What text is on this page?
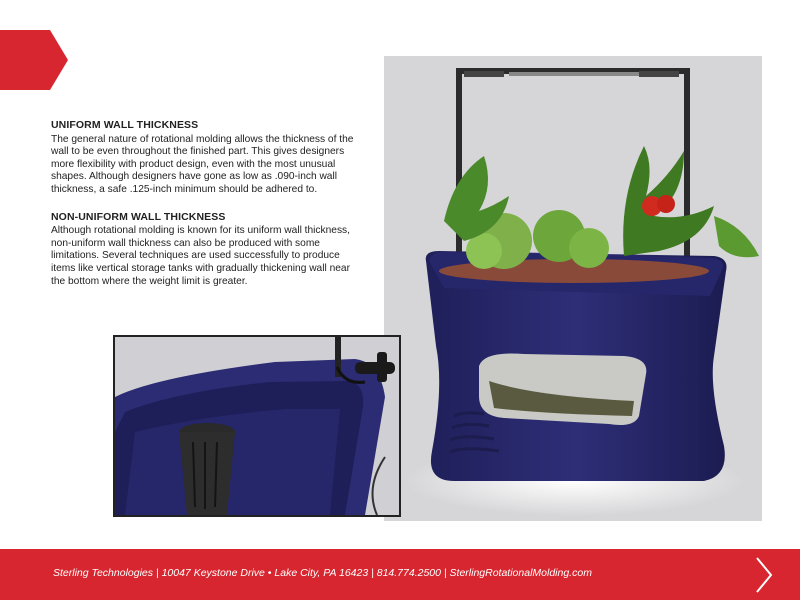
UNIFORM WALL THICKNESS

The general nature of rotational molding allows the thickness of the wall to be even throughout the finished part. This gives designers more flexibility with product design, even with the most unusual shapes. Although designers have gone as low as .090-inch wall thickness, a safe .125-inch minimum should be adhered to.

NON-UNIFORM WALL THICKNESS

Although rotational molding is known for its uniform wall thickness, non-uniform wall thickness can also be produced with some limitations. Several techniques are used successfully to produce items like vertical storage tanks with gradually thickening wall near the bottom where the weight limit is greater.

Sterling Technologies | 10047 Keystone Drive • Lake City, PA 16423 | 814.774.2500 | SterlingRotationalMolding.com
